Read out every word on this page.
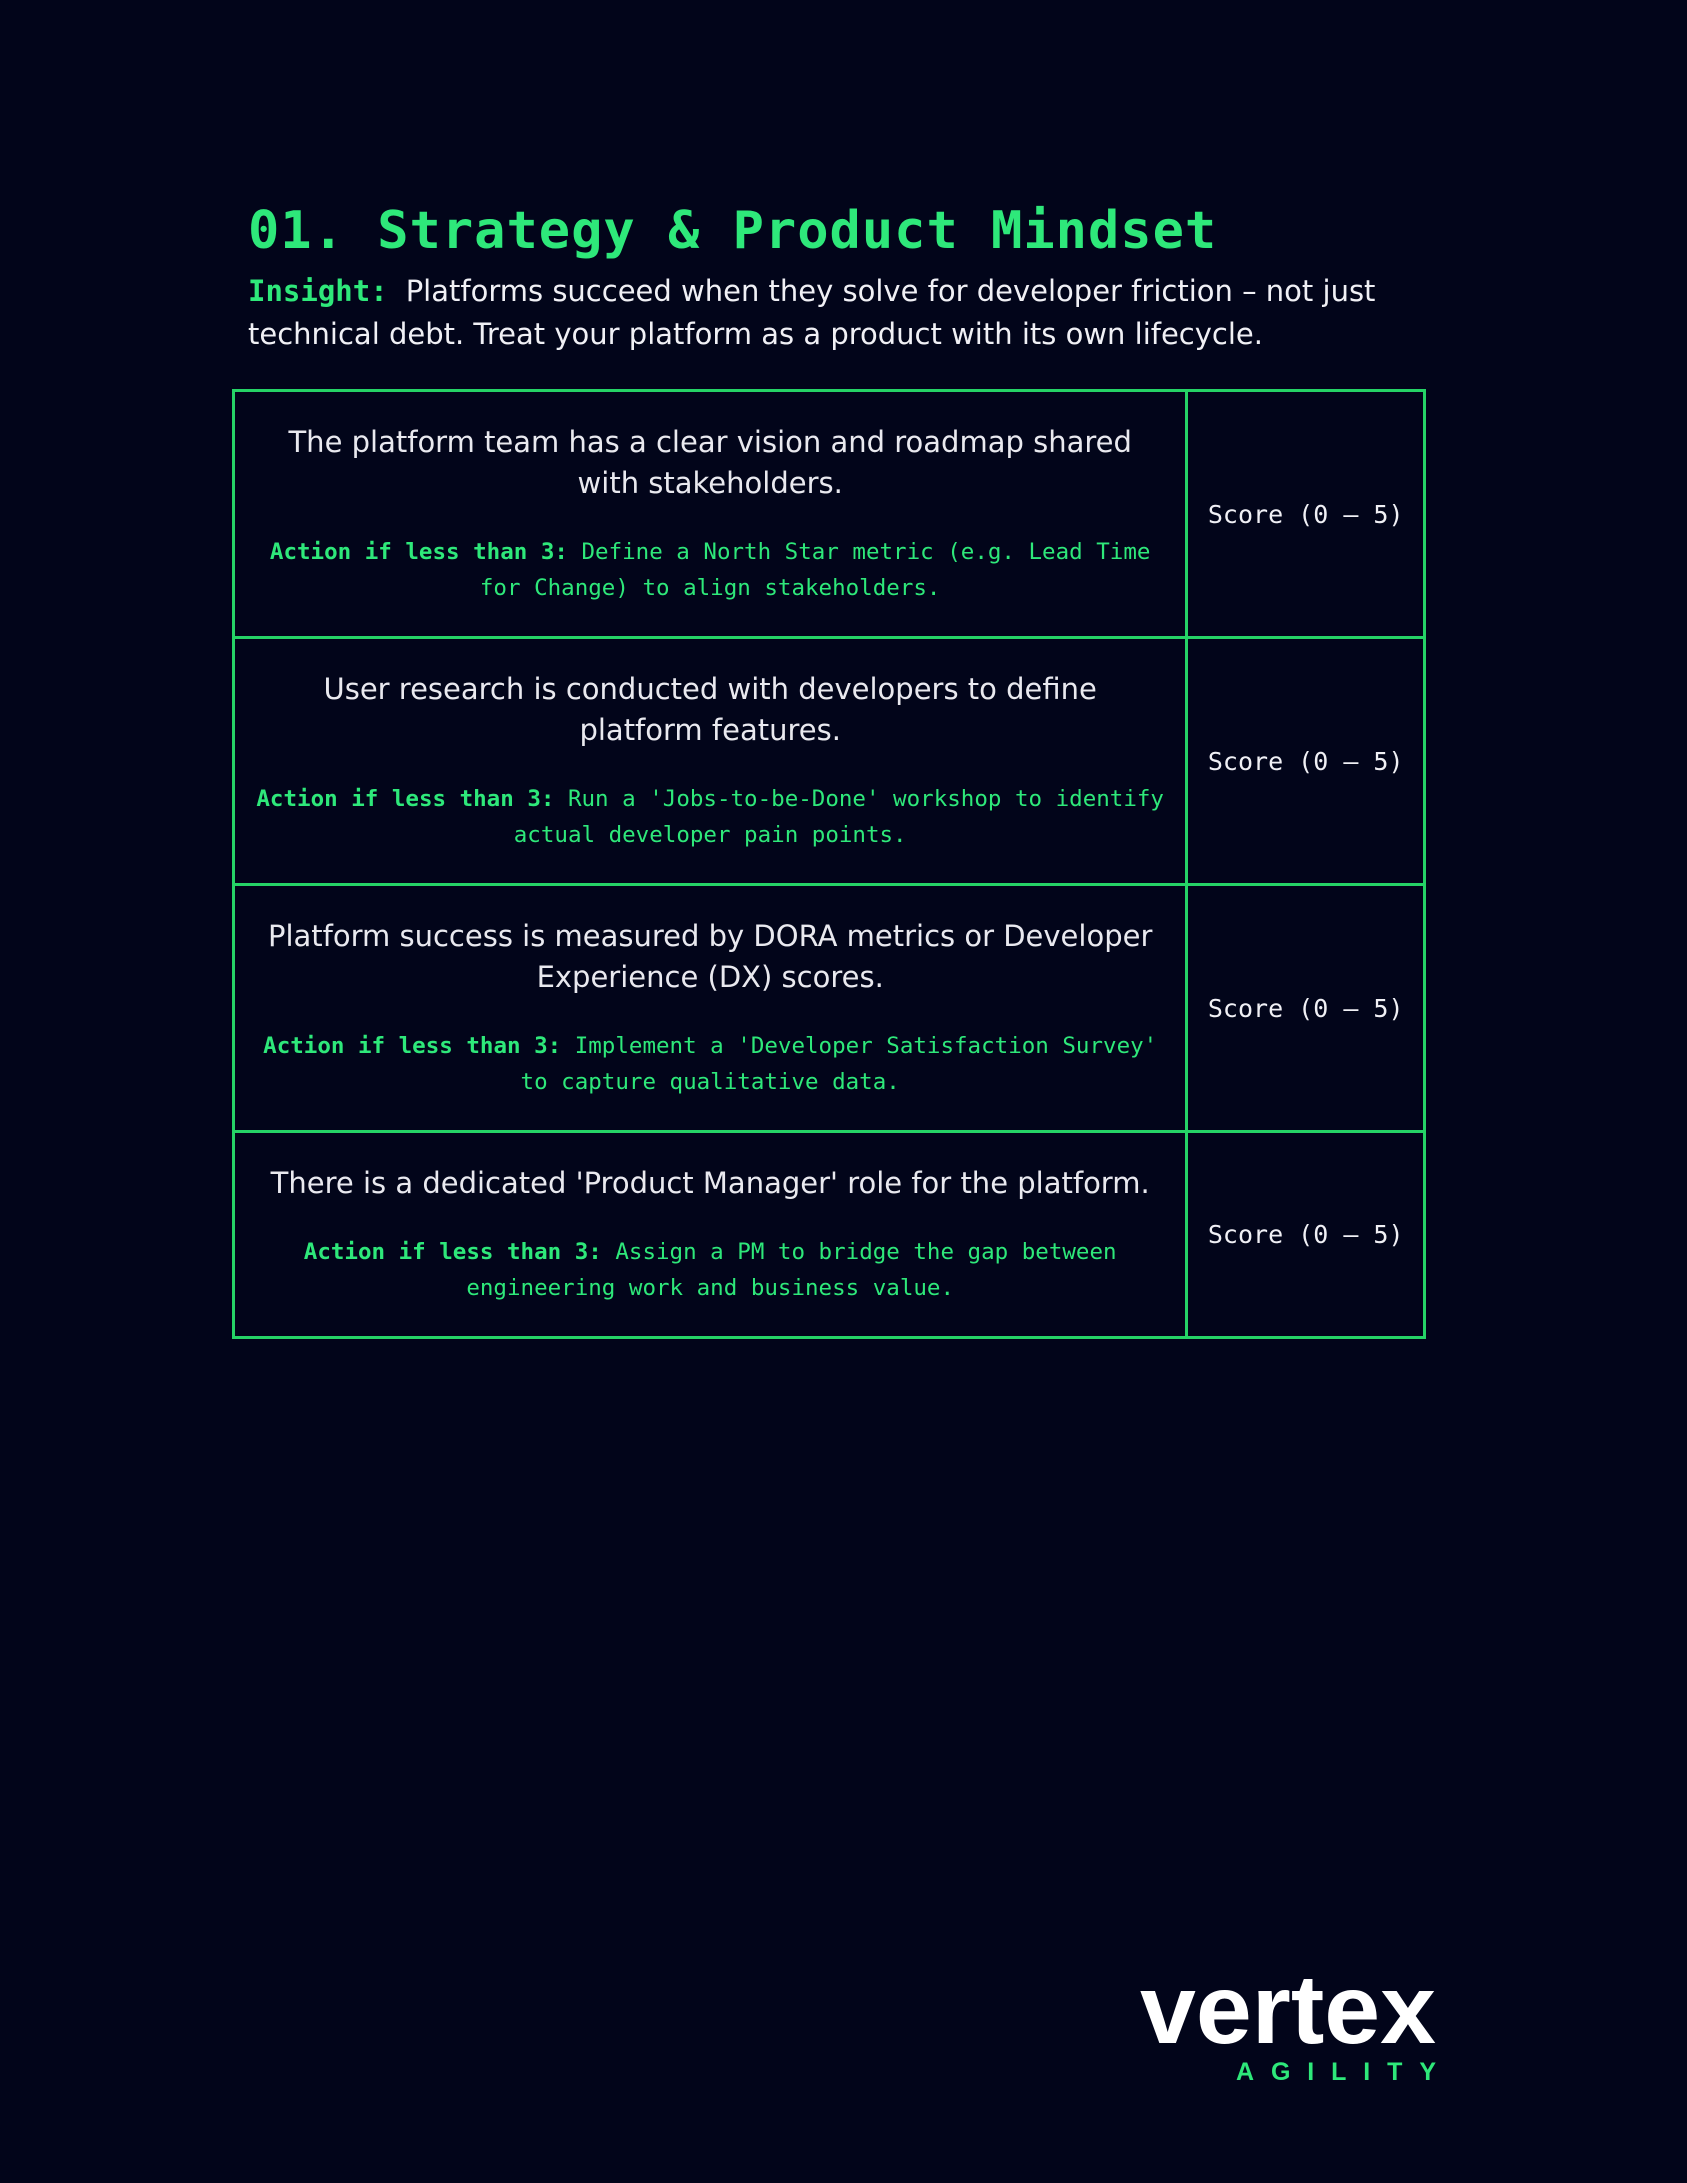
01. Strategy & Product Mindset

Insight: Platforms succeed when they solve for developer friction – not just technical debt. Treat your platform as a product with its own lifecycle.

The platform team has a clear vision and roadmap shared with stakeholders.

Action if less than 3: Define a North Star metric (e.g. Lead Time for Change) to align stakeholders.	Score (0 – 5)

User research is conducted with developers to define platform features.

Action if less than 3: Run a 'Jobs-to-be-Done' workshop to identify actual developer pain points.	Score (0 – 5)

Platform success is measured by DORA metrics or Developer Experience (DX) scores.

Action if less than 3: Implement a 'Developer Satisfaction Survey' to capture qualitative data.	Score (0 – 5)

There is a dedicated 'Product Manager' role for the platform.

Action if less than 3: Assign a PM to bridge the gap between engineering work and business value.	Score (0 – 5)
vertex
AGILITY
